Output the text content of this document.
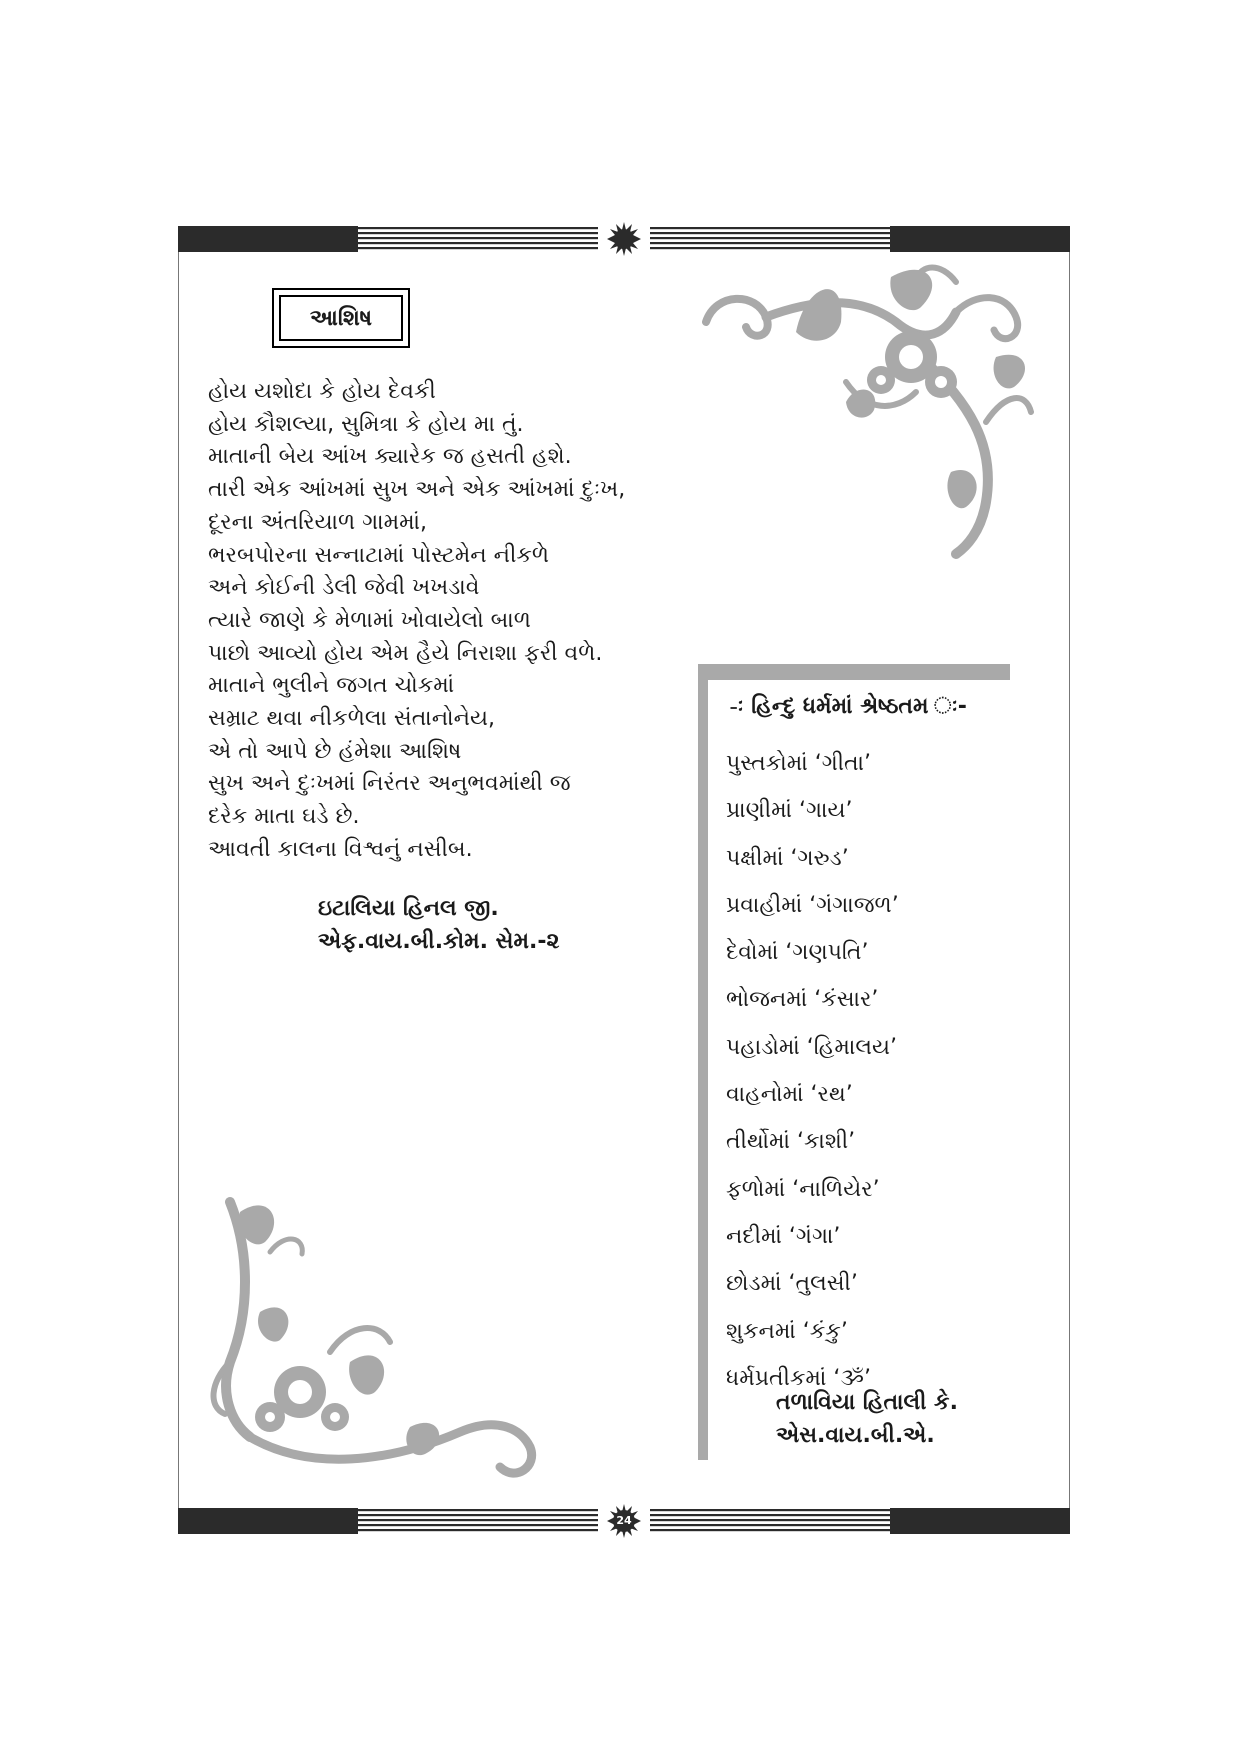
24
આશિષ
હોય યશોદા કે હોય દેવકી
હોય કૌશલ્યા, સુમિત્રા કે હોય મા તું.
માતાની બેય આંખ ક્યારેક જ હસતી હશે.
તારી એક આંખમાં સુખ અને એક આંખમાં દુઃખ,
દૂરના અંતરિયાળ ગામમાં,
ભરબપોરના સન્નાટામાં પોસ્ટમેન નીકળે
અને કોઈની ડેલી જેવી ખખડાવે
ત્યારે જાણે કે મેળામાં ખોવાયેલો બાળ
પાછો આવ્યો હોય એમ હૈયે નિરાશા ફરી વળે.
માતાને ભુલીને જગત ચોકમાં
સમ્રાટ થવા નીકળેલા સંતાનોનેય,
એ તો આપે છે હંમેશા આશિષ
સુખ અને દુઃખમાં નિરંતર અનુભવમાંથી જ
દરેક માતા ઘડે છે.
આવતી કાલના વિશ્વનું નસીબ.
ઇટાલિયા હિનલ જી.
એફ.વાય.બી.કોમ. સેમ.-૨
-ઃ હિન્દુ ધર્મમાં શ્રેષ્ઠતમ ઃ-
પુસ્તકોમાં ‘ગીતા’
પ્રાણીમાં ‘ગાય’
પક્ષીમાં ‘ગરુડ’
પ્રવાહીમાં ‘ગંગાજળ’
દેવોમાં ‘ગણપતિ’
ભોજનમાં ‘કંસાર’
પહાડોમાં ‘હિમાલય’
વાહનોમાં ‘રથ’
તીર્થોમાં ‘કાશી’
ફળોમાં ‘નાળિયેર’
નદીમાં ‘ગંગા’
છોડમાં ‘તુલસી’
શુકનમાં ‘કંકુ’
ધર્મપ્રતીકમાં ‘ૐ’
તળાવિયા હિતાલી કે.
એસ.વાય.બી.એ.
